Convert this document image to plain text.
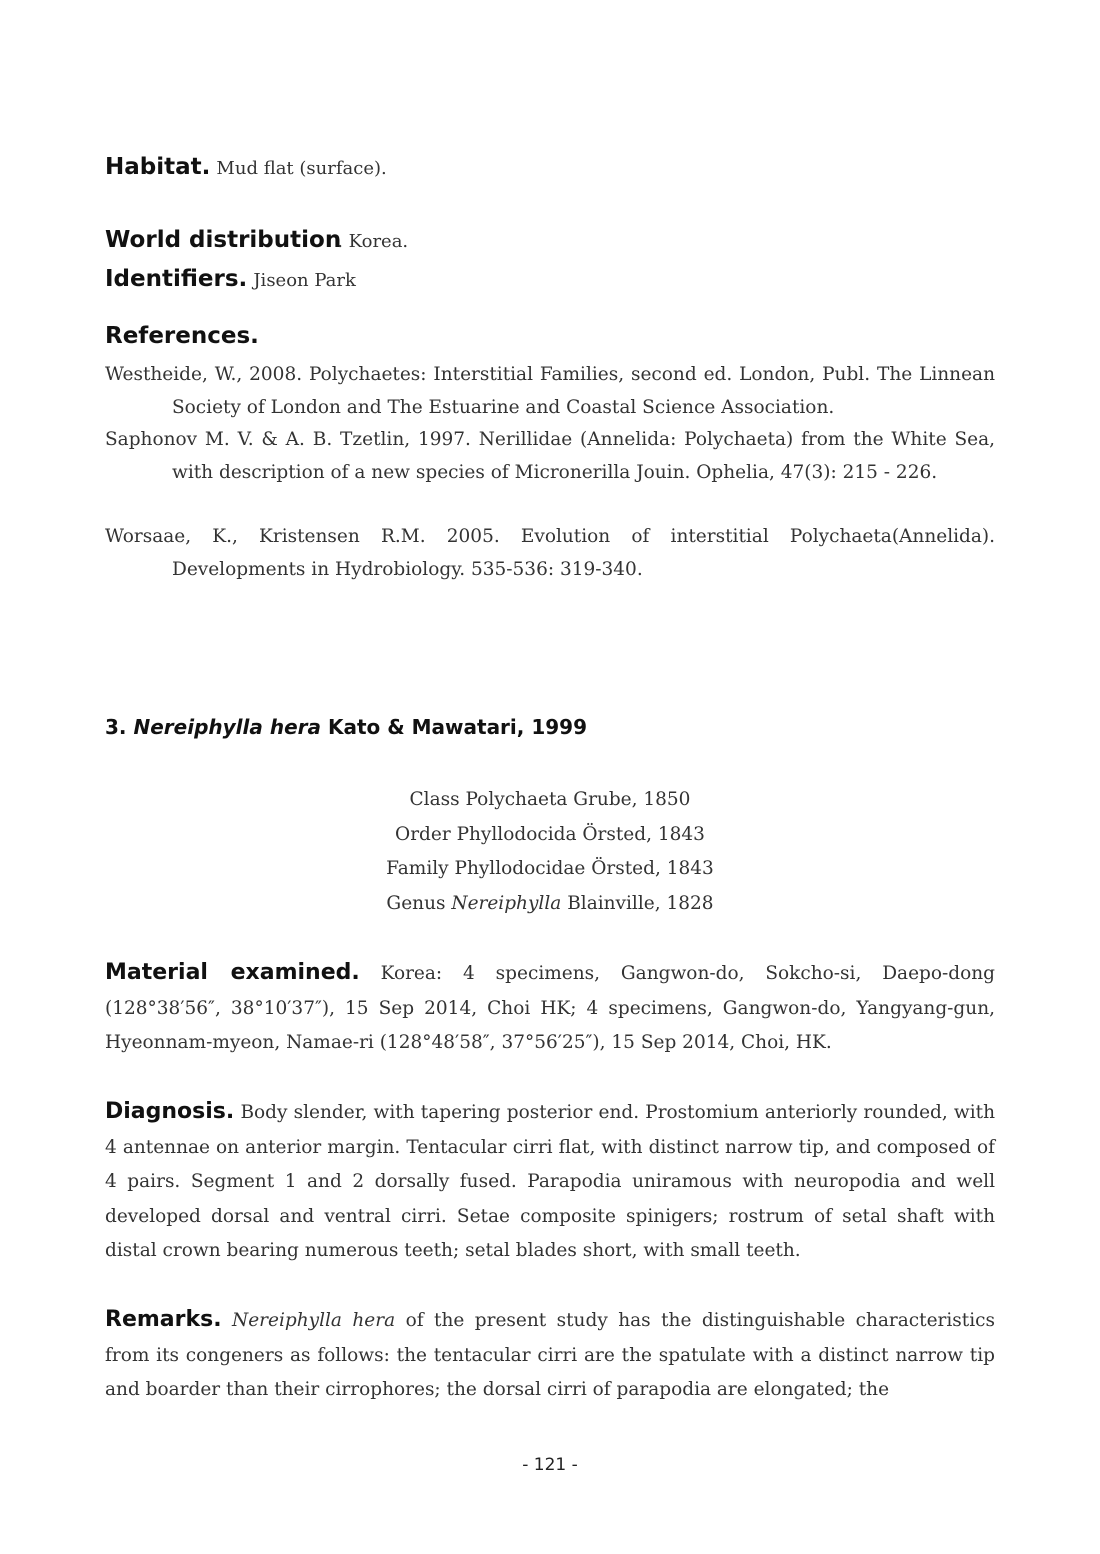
Habitat. Mud flat (surface).
World distribution. Korea.
Identifiers. Jiseon Park
References.
Westheide, W., 2008. Polychaetes: Interstitial Families, second ed. London, Publ. The Linnean Society of London and The Estuarine and Coastal Science Association.
Saphonov M. V. & A. B. Tzetlin, 1997. Nerillidae (Annelida: Polychaeta) from the White Sea, with description of a new species of Micronerilla Jouin. Ophelia, 47(3): 215 - 226.
Worsaae, K., Kristensen R.M. 2005. Evolution of interstitial Polychaeta(Annelida). Developments in Hydrobiology. 535-536: 319-340.
3. Nereiphylla hera Kato & Mawatari, 1999
Class Polychaeta Grube, 1850
Order Phyllodocida Örsted, 1843
Family Phyllodocidae Örsted, 1843
Genus Nereiphylla Blainville, 1828
Material examined. Korea: 4 specimens, Gangwon-do, Sokcho-si, Daepo-dong (128°38′56″, 38°10′37″), 15 Sep 2014, Choi HK; 4 specimens, Gangwon-do, Yangyang-gun, Hyeonnam-myeon, Namae-ri (128°48′58″, 37°56′25″), 15 Sep 2014, Choi, HK.
Diagnosis. Body slender, with tapering posterior end. Prostomium anteriorly rounded, with 4 antennae on anterior margin. Tentacular cirri flat, with distinct narrow tip, and composed of 4 pairs. Segment 1 and 2 dorsally fused. Parapodia uniramous with neuropodia and well developed dorsal and ventral cirri. Setae composite spinigers; rostrum of setal shaft with distal crown bearing numerous teeth; setal blades short, with small teeth.
Remarks. Nereiphylla hera of the present study has the distinguishable characteristics from its congeners as follows: the tentacular cirri are the spatulate with a distinct narrow tip and boarder than their cirrophores; the dorsal cirri of parapodia are elongated; the
- 121 -
